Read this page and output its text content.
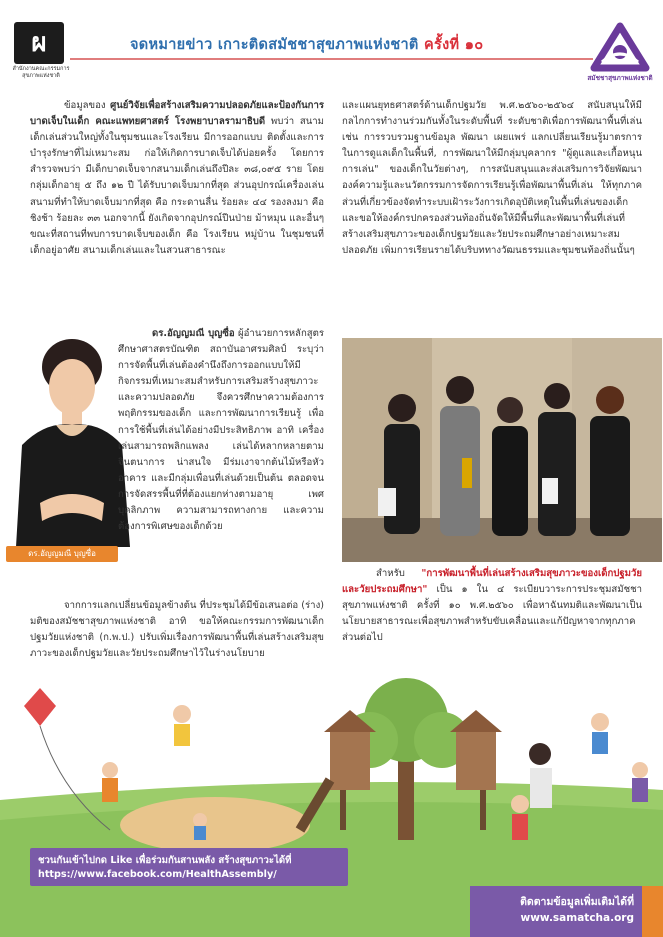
ผ
สำนักงานคณะกรรมการสุขภาพแห่งชาติ
จดหมายข่าว เกาะติดสมัชชาสุขภาพแห่งชาติ ครั้งที่ ๑๐
สมัชชาสุขภาพแห่งชาติ

ข้อมูลของ ศูนย์วิจัยเพื่อสร้างเสริมความปลอดภัยและป้องกันการบาดเจ็บในเด็ก คณะแพทยศาสตร์ โรงพยาบาลรามาธิบดี พบว่า สนามเด็กเล่นส่วนใหญ่ทั้งในชุมชนและโรงเรียน มีการออกแบบ ติดตั้งและการบำรุงรักษาที่ไม่เหมาะสม ก่อให้เกิดการบาดเจ็บได้บ่อยครั้ง โดยการสำรวจพบว่า มีเด็กบาดเจ็บจากสนามเด็กเล่นถึงปีละ ๓๘,๐๙๕ ราย โดยกลุ่มเด็กอายุ ๕ ถึง ๑๒ ปี ได้รับบาดเจ็บมากที่สุด ส่วนอุปกรณ์เครื่องเล่นสนามที่ทำให้บาดเจ็บมากที่สุด คือ กระดานลื่น ร้อยละ ๔๔ รองลงมา คือ ชิงช้า ร้อยละ ๓๓ นอกจากนี้ ยังเกิดจากอุปกรณ์ปีนป่าย ม้าหมุน และอื่นๆ ขณะที่สถานที่พบการบาดเจ็บของเด็ก คือ โรงเรียน หมู่บ้าน ในชุมชนที่เด็กอยู่อาศัย สนามเด็กเล่นและในสวนสาธารณะ

ดร.อัญญมณี บุญซื่อ

ดร.อัญญมณี บุญซื่อ ผู้อำนวยการหลักสูตรศึกษาศาสตรบัณฑิต สถาบันอาศรมศิลป์ ระบุว่า การจัดพื้นที่เล่นต้องคำนึงถึงการออกแบบให้มีกิจกรรมที่เหมาะสมสำหรับการเสริมสร้างสุขภาวะและความปลอดภัย จึงควรศึกษาความต้องการ พฤติกรรมของเด็ก และการพัฒนาการเรียนรู้ เพื่อการใช้พื้นที่เล่นได้อย่างมีประสิทธิภาพ อาทิ เครื่องเล่นสามารถพลิกแพลง เล่นได้หลากหลายตามจินตนาการ น่าสนใจ มีร่มเงาจากต้นไม้หรือหัวอาคาร และมีกลุ่มเพื่อนที่เล่นด้วยเป็นต้น ตลอดจนการจัดสรรพื้นที่ที่ต้องแยกห่างตามอายุ เพศ บุคลิกภาพ ความสามารถทางกาย และความต้องการพิเศษของเด็กด้วย

จากการแลกเปลี่ยนข้อมูลข้างต้น ที่ประชุมได้มีข้อเสนอต่อ (ร่าง) มติของสมัชชาสุขภาพแห่งชาติ อาทิ ขอให้คณะกรรมการพัฒนาเด็กปฐมวัยแห่งชาติ (ก.พ.ป.) ปรับเพิ่มเรื่องการพัฒนาพื้นที่เล่นสร้างเสริมสุขภาวะของเด็กปฐมวัยและวัยประถมศึกษาไว้ในร่างนโยบาย

และแผนยุทธศาสตร์ด้านเด็กปฐมวัย พ.ศ.๒๕๖๐-๒๕๖๔ สนับสนุนให้มีกลไกการทำงานร่วมกันทั้งในระดับพื้นที่ ระดับชาติเพื่อการพัฒนาพื้นที่เล่น เช่น การรวบรวมฐานข้อมูล พัฒนา เผยแพร่ แลกเปลี่ยนเรียนรู้มาตรการในการดูแลเด็กในพื้นที่, การพัฒนาให้มีกลุ่มบุคลากร "ผู้ดูแลและเกื้อหนุนการเล่น" ของเด็กในวัยต่างๆ, การสนับสนุนและส่งเสริมการวิจัยพัฒนาองค์ความรู้และนวัตกรรมการจัดการเรียนรู้เพื่อพัฒนาพื้นที่เล่น ให้ทุกภาคส่วนที่เกี่ยวข้องจัดทำระบบเฝ้าระวังการเกิดอุบัติเหตุในพื้นที่เล่นของเด็ก และขอให้องค์กรปกครองส่วนท้องถิ่นจัดให้มีพื้นที่และพัฒนาพื้นที่เล่นที่สร้างเสริมสุขภาวะของเด็กปฐมวัยและวัยประถมศึกษาอย่างเหมาะสม ปลอดภัย เพิ่มการเรียนรายได้บริบททางวัฒนธรรมและชุมชนท้องถิ่นนั้นๆ

สำหรับ "การพัฒนาพื้นที่เล่นสร้างเสริมสุขภาวะของเด็กปฐมวัยและวัยประถมศึกษา" เป็น ๑ ใน ๔ ระเบียบวาระการประชุมสมัชชาสุขภาพแห่งชาติ ครั้งที่ ๑๐ พ.ศ.๒๕๖๐ เพื่อหาฉันทมติและพัฒนาเป็นนโยบายสาธารณะเพื่อสุขภาพสำหรับขับเคลื่อนและแก้ปัญหาจากทุกภาคส่วนต่อไป

ชวนกันเข้าไปกด Like เพื่อร่วมกันสานพลัง สร้างสุขภาวะได้ที่
https://www.facebook.com/HealthAssembly/
ติดตามข้อมูลเพิ่มเติมได้ที่
www.samatcha.org
